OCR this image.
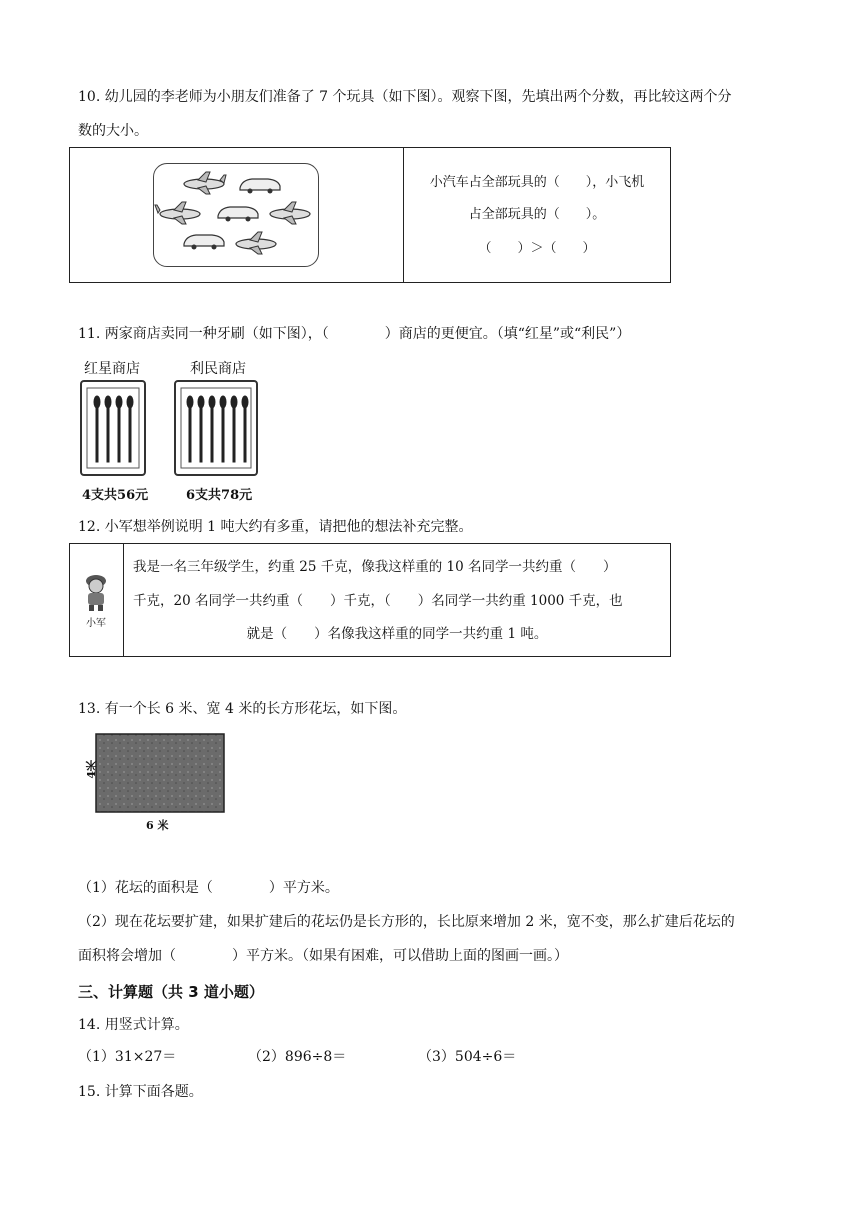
10. 幼儿园的李老师为小朋友们准备了 7 个玩具（如下图）。观察下图，先填出两个分数，再比较这两个分
数的大小。
小汽车占全部玩具的（　　），小飞机
占全部玩具的（　　）。
（　　）＞（　　）
11. 两家商店卖同一种牙刷（如下图），（　　　　）商店的更便宜。（填“红星”或“利民”）
红星商店
4支共56元
利民商店
6支共78元
12. 小军想举例说明 1 吨大约有多重，请把他的想法补充完整。
小军
我是一名三年级学生，约重 25 千克，像我这样重的 10 名同学一共约重（　　）
千克，20 名同学一共约重（　　）千克，（　　）名同学一共约重 1000 千克，也
就是（　　）名像我这样重的同学一共约重 1 吨。
13. 有一个长 6 米、宽 4 米的长方形花坛，如下图。
4米
6 米
（1）花坛的面积是（　　　　）平方米。
（2）现在花坛要扩建，如果扩建后的花坛仍是长方形的，长比原来增加 2 米，宽不变，那么扩建后花坛的
面积将会增加（　　　　）平方米。（如果有困难，可以借助上面的图画一画。）
三、计算题（共 3 道小题）
14. 用竖式计算。
（1）31×27＝	（2）896÷8＝	（3）504÷6＝
15. 计算下面各题。
